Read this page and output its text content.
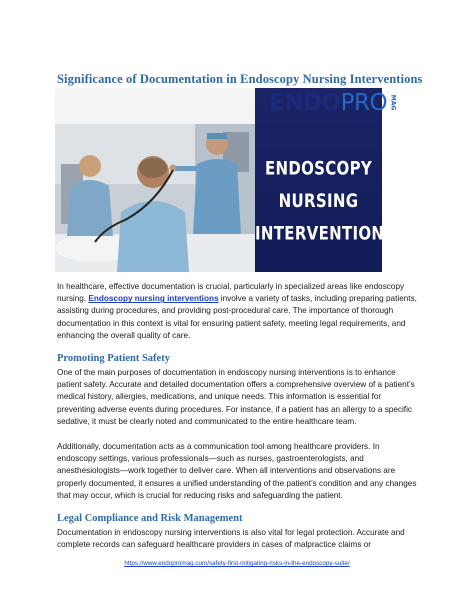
Significance of Documentation in Endoscopy Nursing Interventions
ENDOPRO MAG
ENDOSCOPY
NURSING
INTERVENTIONS
endopromag.com
In healthcare, effective documentation is crucial, particularly in specialized areas like endoscopy nursing. Endoscopy nursing interventions involve a variety of tasks, including preparing patients, assisting during procedures, and providing post-procedural care. The importance of thorough documentation in this context is vital for ensuring patient safety, meeting legal requirements, and enhancing the overall quality of care.
Promoting Patient Safety
One of the main purposes of documentation in endoscopy nursing interventions is to enhance patient safety. Accurate and detailed documentation offers a comprehensive overview of a patient’s medical history, allergies, medications, and unique needs. This information is essential for preventing adverse events during procedures. For instance, if a patient has an allergy to a specific sedative, it must be clearly noted and communicated to the entire healthcare team.
Additionally, documentation acts as a communication tool among healthcare providers. In endoscopy settings, various professionals—such as nurses, gastroenterologists, and anesthesiologists—work together to deliver care. When all interventions and observations are properly documented, it ensures a unified understanding of the patient’s condition and any changes that may occur, which is crucial for reducing risks and safeguarding the patient.
Legal Compliance and Risk Management
Documentation in endoscopy nursing interventions is also vital for legal protection. Accurate and complete records can safeguard healthcare providers in cases of malpractice claims or
https://www.endopromag.com/safety-first-mitigating-risks-in-the-endoscopy-suite/
